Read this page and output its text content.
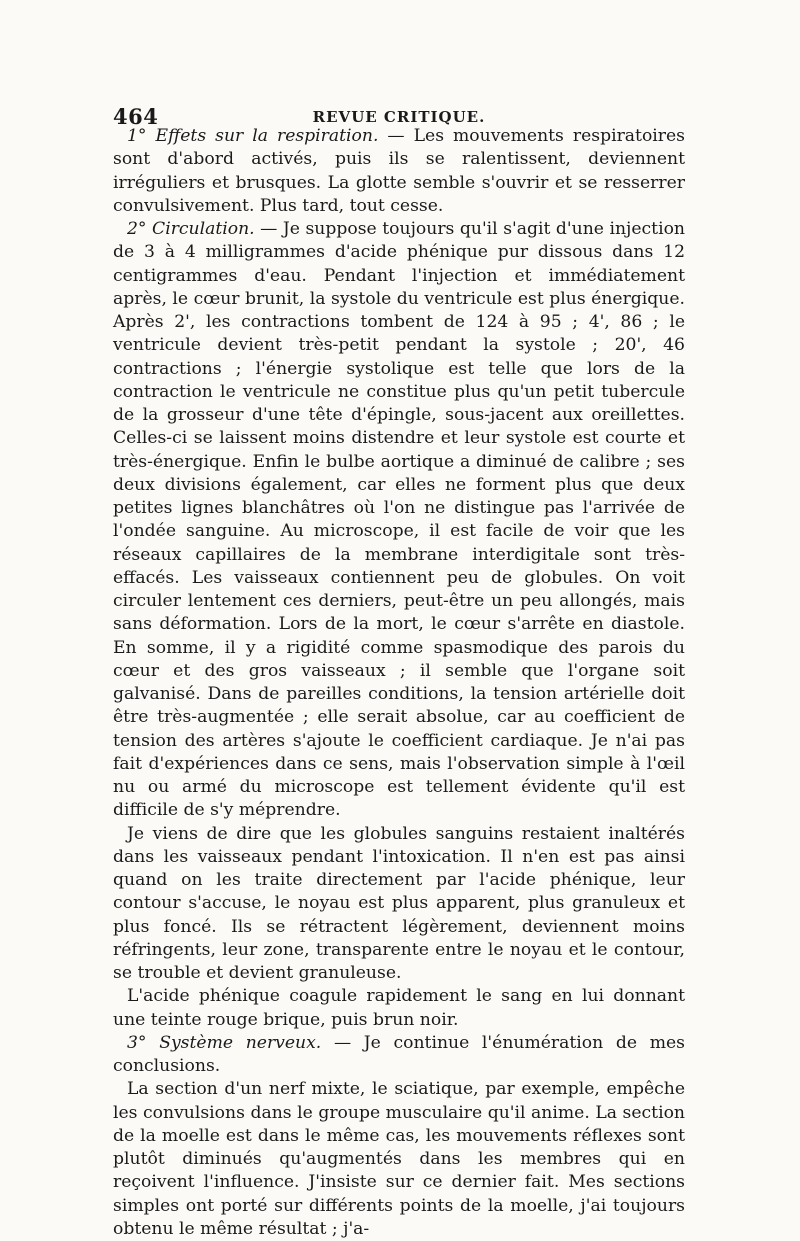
464	REVUE CRITIQUE.

1° Effets sur la respiration. — Les mouvements respiratoires sont d'abord activés, puis ils se ralentissent, deviennent irréguliers et brusques. La glotte semble s'ouvrir et se resserrer convulsivement. Plus tard, tout cesse.

2° Circulation. — Je suppose toujours qu'il s'agit d'une injection de 3 à 4 milligrammes d'acide phénique pur dissous dans 12 centigrammes d'eau. Pendant l'injection et immédiatement après, le cœur brunit, la systole du ventricule est plus énergique. Après 2', les contractions tombent de 124 à 95 ; 4', 86 ; le ventricule devient très-petit pendant la systole ; 20', 46 contractions ; l'énergie systolique est telle que lors de la contraction le ventricule ne constitue plus qu'un petit tubercule de la grosseur d'une tête d'épingle, sous-jacent aux oreillettes. Celles-ci se laissent moins distendre et leur systole est courte et très-énergique. Enfin le bulbe aortique a diminué de calibre ; ses deux divisions également, car elles ne forment plus que deux petites lignes blanchâtres où l'on ne distingue pas l'arrivée de l'ondée sanguine. Au microscope, il est facile de voir que les réseaux capillaires de la membrane interdigitale sont très-effacés. Les vaisseaux contiennent peu de globules. On voit circuler lentement ces derniers, peut-être un peu allongés, mais sans déformation. Lors de la mort, le cœur s'arrête en diastole. En somme, il y a rigidité comme spasmodique des parois du cœur et des gros vaisseaux ; il semble que l'organe soit galvanisé. Dans de pareilles conditions, la tension artérielle doit être très-augmentée ; elle serait absolue, car au coefficient de tension des artères s'ajoute le coefficient cardiaque. Je n'ai pas fait d'expériences dans ce sens, mais l'observation simple à l'œil nu ou armé du microscope est tellement évidente qu'il est difficile de s'y méprendre.

Je viens de dire que les globules sanguins restaient inaltérés dans les vaisseaux pendant l'intoxication. Il n'en est pas ainsi quand on les traite directement par l'acide phénique, leur contour s'accuse, le noyau est plus apparent, plus granuleux et plus foncé. Ils se rétractent légèrement, deviennent moins réfringents, leur zone, transparente entre le noyau et le contour, se trouble et devient granuleuse.

L'acide phénique coagule rapidement le sang en lui donnant une teinte rouge brique, puis brun noir.

3° Système nerveux. — Je continue l'énumération de mes conclusions.

La section d'un nerf mixte, le sciatique, par exemple, empêche les convulsions dans le groupe musculaire qu'il anime. La section de la moelle est dans le même cas, les mouvements réflexes sont plutôt diminués qu'augmentés dans les membres qui en reçoivent l'influence. J'insiste sur ce dernier fait. Mes sections simples ont porté sur différents points de la moelle, j'ai toujours obtenu le même résultat ; j'a-
